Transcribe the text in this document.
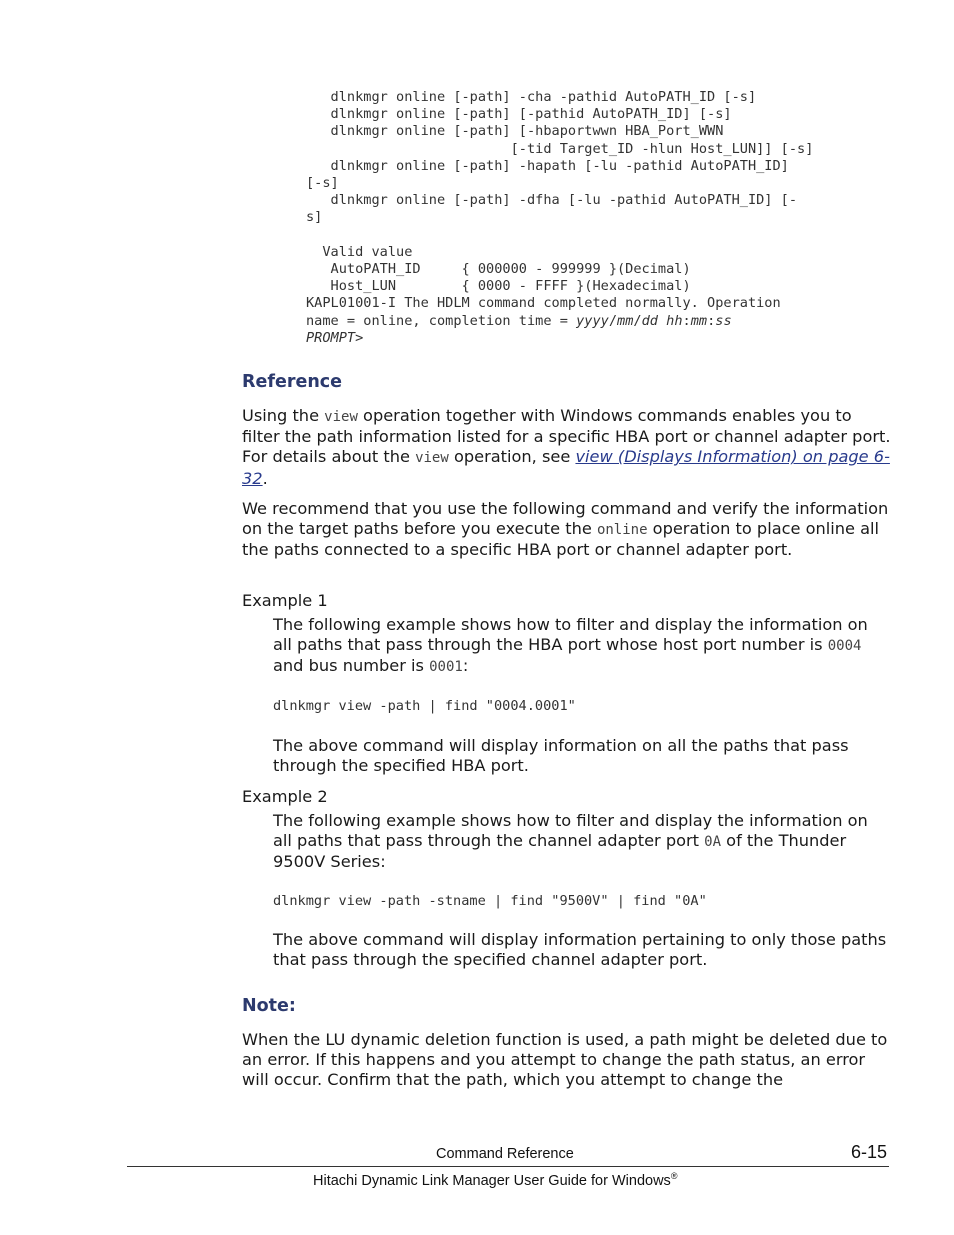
dlnkmgr online [-path] -cha -pathid AutoPATH_ID [-s]
dlnkmgr online [-path] [-pathid AutoPATH_ID] [-s]
dlnkmgr online [-path] [-hbaportwwn HBA_Port_WWN
[-tid Target_ID -hlun Host_LUN]] [-s]
dlnkmgr online [-path] -hapath [-lu -pathid AutoPATH_ID]
[-s]
dlnkmgr online [-path] -dfha [-lu -pathid AutoPATH_ID] [-
s]

Valid value
AutoPATH_ID     { 000000 - 999999 }(Decimal)
Host_LUN        { 0000 - FFFF }(Hexadecimal)
KAPL01001-I The HDLM command completed normally. Operation
name = online, completion time = yyyy/mm/dd hh:mm:ss
PROMPT>
Reference

Using the view operation together with Windows commands enables you to filter the path information listed for a specific HBA port or channel adapter port. For details about the view operation, see view (Displays Information) on page 6-32.

We recommend that you use the following command and verify the information on the target paths before you execute the online operation to place online all the paths connected to a specific HBA port or channel adapter port.

Example 1

The following example shows how to filter and display the information on all paths that pass through the HBA port whose host port number is 0004 and bus number is 0001:

dlnkmgr view -path | find "0004.0001"

The above command will display information on all the paths that pass through the specified HBA port.

Example 2

The following example shows how to filter and display the information on all paths that pass through the channel adapter port 0A of the Thunder 9500V Series:

dlnkmgr view -path -stname | find "9500V" | find "0A"

The above command will display information pertaining to only those paths that pass through the specified channel adapter port.

Note:

When the LU dynamic deletion function is used, a path might be deleted due to an error. If this happens and you attempt to change the path status, an error will occur. Confirm that the path, which you attempt to change the

Command Reference	6-15
Hitachi Dynamic Link Manager User Guide for Windows®
